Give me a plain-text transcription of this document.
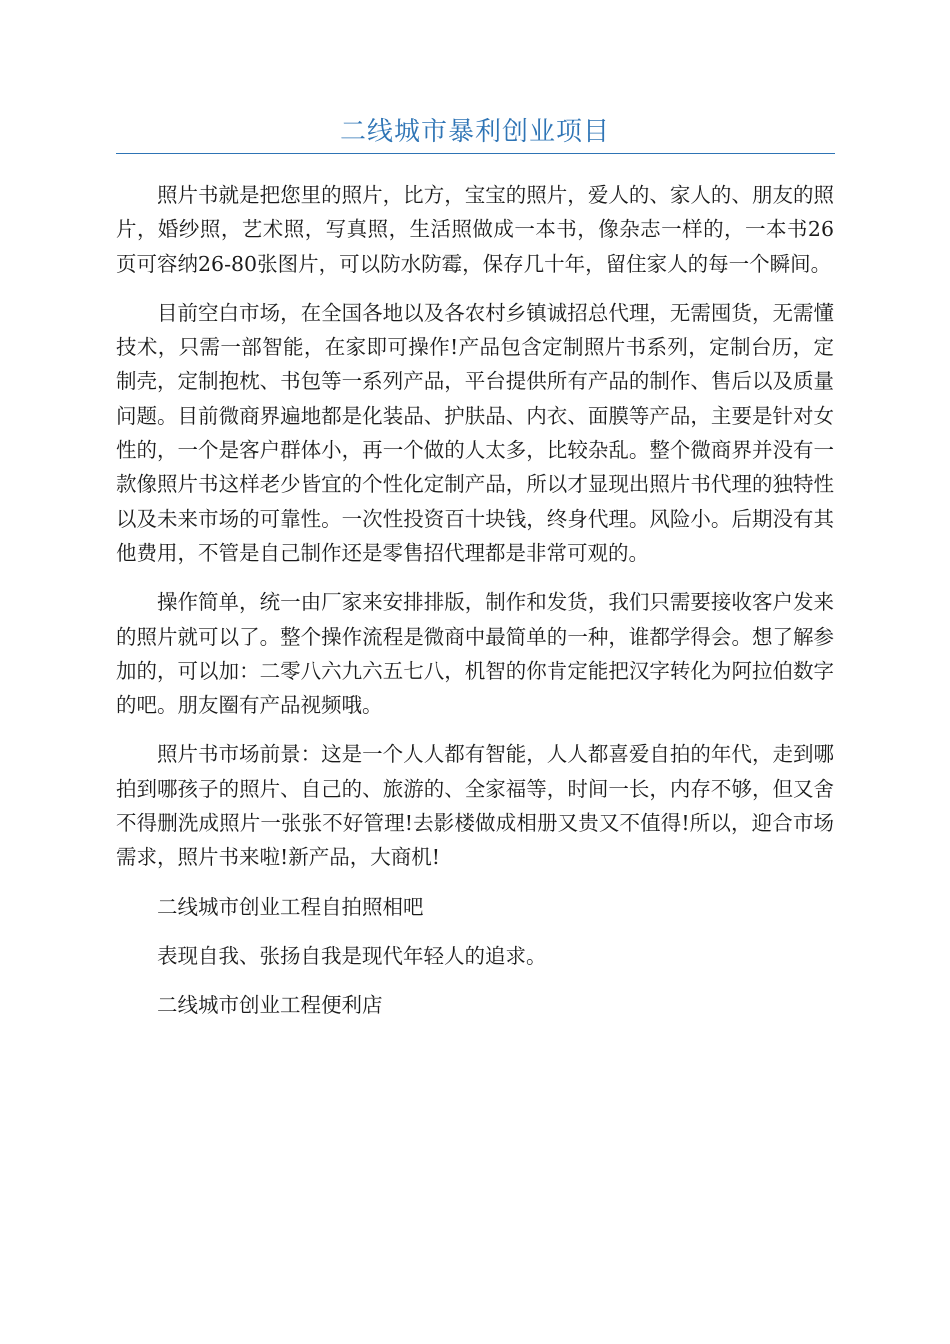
二线城市暴利创业项目

照片书就是把您里的照片，比方，宝宝的照片，爱人的、家人的、朋友的照片，婚纱照，艺术照，写真照，生活照做成一本书，像杂志一样的，一本书26页可容纳26-80张图片，可以防水防霉，保存几十年，留住家人的每一个瞬间。

目前空白市场，在全国各地以及各农村乡镇诚招总代理，无需囤货，无需懂技术，只需一部智能，在家即可操作!产品包含定制照片书系列，定制台历，定制壳，定制抱枕、书包等一系列产品，平台提供所有产品的制作、售后以及质量问题。目前微商界遍地都是化装品、护肤品、内衣、面膜等产品，主要是针对女性的，一个是客户群体小，再一个做的人太多，比较杂乱。整个微商界并没有一款像照片书这样老少皆宜的个性化定制产品，所以才显现出照片书代理的独特性以及未来市场的可靠性。一次性投资百十块钱，终身代理。风险小。后期没有其他费用，不管是自己制作还是零售招代理都是非常可观的。

操作简单，统一由厂家来安排排版，制作和发货，我们只需要接收客户发来的照片就可以了。整个操作流程是微商中最简单的一种，谁都学得会。想了解参加的，可以加：二零八六九六五七八，机智的你肯定能把汉字转化为阿拉伯数字的吧。朋友圈有产品视频哦。

照片书市场前景：这是一个人人都有智能，人人都喜爱自拍的年代，走到哪拍到哪孩子的照片、自己的、旅游的、全家福等，时间一长，内存不够，但又舍不得删洗成照片一张张不好管理!去影楼做成相册又贵又不值得!所以，迎合市场需求，照片书来啦!新产品，大商机!

二线城市创业工程自拍照相吧

表现自我、张扬自我是现代年轻人的追求。

二线城市创业工程便利店
